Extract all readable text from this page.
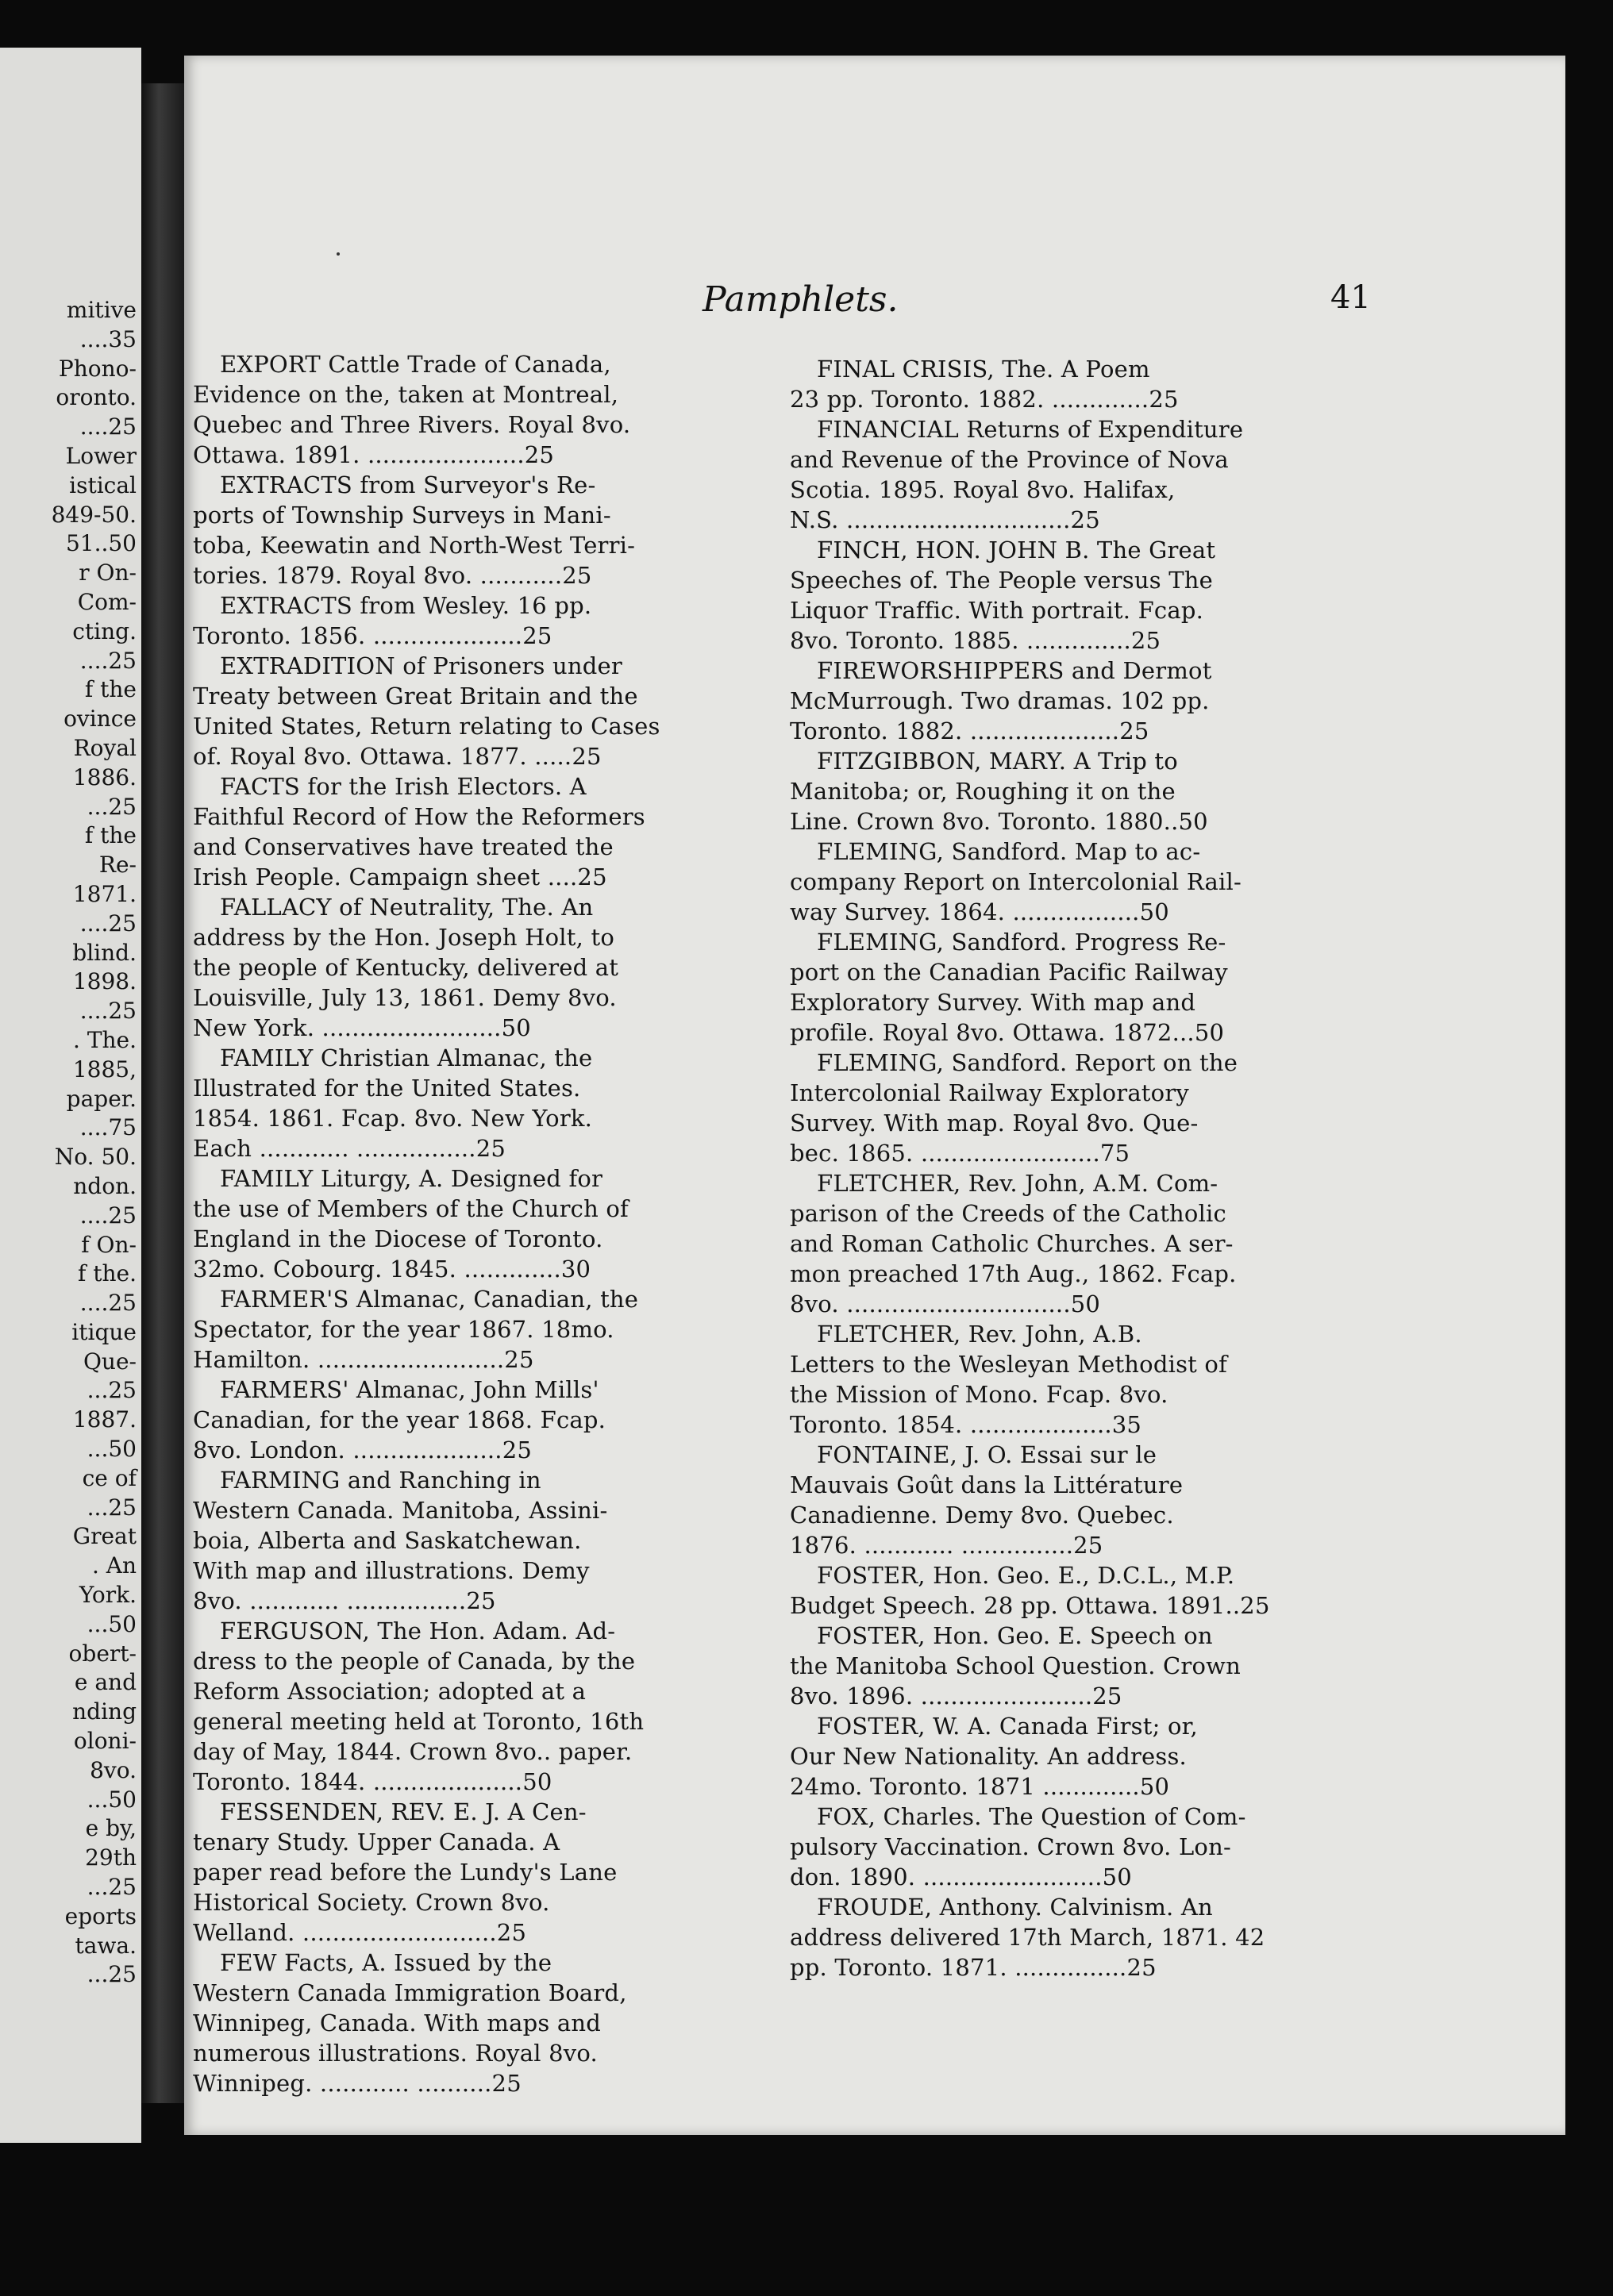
mitive
....35
Phono-
oronto.
....25
Lower
istical
849-50.
51..50
r On-
Com-
cting.
....25
f the
ovince
Royal
1886.
...25
f the
Re-
1871.
....25
blind.
1898.
....25
. The.
1885,
paper.
....75
No. 50.
ndon.
....25
f On-
f the.
....25
itique
Que-
...25
1887.
...50
ce of
...25
Great
. An
York.
...50
obert-
e and
nding
oloni-
8vo.
...50
e by,
29th
...25
eports
tawa.
...25
Pamphlets.	41
EXPORT Cattle Trade of Canada,
Evidence on the, taken at Montreal,
Quebec and Three Rivers. Royal 8vo.
Ottawa. 1891. .....................25
EXTRACTS from Surveyor's Re-
ports of Township Surveys in Mani-
toba, Keewatin and North-West Terri-
tories. 1879. Royal 8vo. ...........25
EXTRACTS from Wesley. 16 pp.
Toronto. 1856. ....................25
EXTRADITION of Prisoners under
Treaty between Great Britain and the
United States, Return relating to Cases
of. Royal 8vo. Ottawa. 1877. .....25
FACTS for the Irish Electors. A
Faithful Record of How the Reformers
and Conservatives have treated the
Irish People. Campaign sheet ....25
FALLACY of Neutrality, The. An
address by the Hon. Joseph Holt, to
the people of Kentucky, delivered at
Louisville, July 13, 1861. Demy 8vo.
New York. ........................50
FAMILY Christian Almanac, the
Illustrated for the United States.
1854. 1861. Fcap. 8vo. New York.
Each ............ ................25
FAMILY Liturgy, A. Designed for
the use of Members of the Church of
England in the Diocese of Toronto.
32mo. Cobourg. 1845. .............30
FARMER'S Almanac, Canadian, the
Spectator, for the year 1867. 18mo.
Hamilton. .........................25
FARMERS' Almanac, John Mills'
Canadian, for the year 1868. Fcap.
8vo. London. ....................25
FARMING and Ranching in
Western Canada. Manitoba, Assini-
boia, Alberta and Saskatchewan.
With map and illustrations. Demy
8vo. ............ ................25
FERGUSON, The Hon. Adam. Ad-
dress to the people of Canada, by the
Reform Association; adopted at a
general meeting held at Toronto, 16th
day of May, 1844. Crown 8vo.. paper.
Toronto. 1844. ....................50
FESSENDEN, REV. E. J. A Cen-
tenary Study. Upper Canada. A
paper read before the Lundy's Lane
Historical Society. Crown 8vo.
Welland. ..........................25
FEW Facts, A. Issued by the
Western Canada Immigration Board,
Winnipeg, Canada. With maps and
numerous illustrations. Royal 8vo.
Winnipeg. ............ ..........25
FINAL CRISIS, The. A Poem
23 pp. Toronto. 1882. .............25
FINANCIAL Returns of Expenditure
and Revenue of the Province of Nova
Scotia. 1895. Royal 8vo. Halifax,
N.S. ..............................25
FINCH, HON. JOHN B. The Great
Speeches of. The People versus The
Liquor Traffic. With portrait. Fcap.
8vo. Toronto. 1885. ..............25
FIREWORSHIPPERS and Dermot
McMurrough. Two dramas. 102 pp.
Toronto. 1882. ....................25
FITZGIBBON, MARY. A Trip to
Manitoba; or, Roughing it on the
Line. Crown 8vo. Toronto. 1880..50
FLEMING, Sandford. Map to ac-
company Report on Intercolonial Rail-
way Survey. 1864. .................50
FLEMING, Sandford. Progress Re-
port on the Canadian Pacific Railway
Exploratory Survey. With map and
profile. Royal 8vo. Ottawa. 1872...50
FLEMING, Sandford. Report on the
Intercolonial Railway Exploratory
Survey. With map. Royal 8vo. Que-
bec. 1865. ........................75
FLETCHER, Rev. John, A.M. Com-
parison of the Creeds of the Catholic
and Roman Catholic Churches. A ser-
mon preached 17th Aug., 1862. Fcap.
8vo. ..............................50
FLETCHER, Rev. John, A.B.
Letters to the Wesleyan Methodist of
the Mission of Mono. Fcap. 8vo.
Toronto. 1854. ...................35
FONTAINE, J. O. Essai sur le
Mauvais Goût dans la Littérature
Canadienne. Demy 8vo. Quebec.
1876. ............ ...............25
FOSTER, Hon. Geo. E., D.C.L., M.P.
Budget Speech. 28 pp. Ottawa. 1891..25
FOSTER, Hon. Geo. E. Speech on
the Manitoba School Question. Crown
8vo. 1896. .......................25
FOSTER, W. A. Canada First; or,
Our New Nationality. An address.
24mo. Toronto. 1871 .............50
FOX, Charles. The Question of Com-
pulsory Vaccination. Crown 8vo. Lon-
don. 1890. ........................50
FROUDE, Anthony. Calvinism. An
address delivered 17th March, 1871. 42
pp. Toronto. 1871. ...............25
